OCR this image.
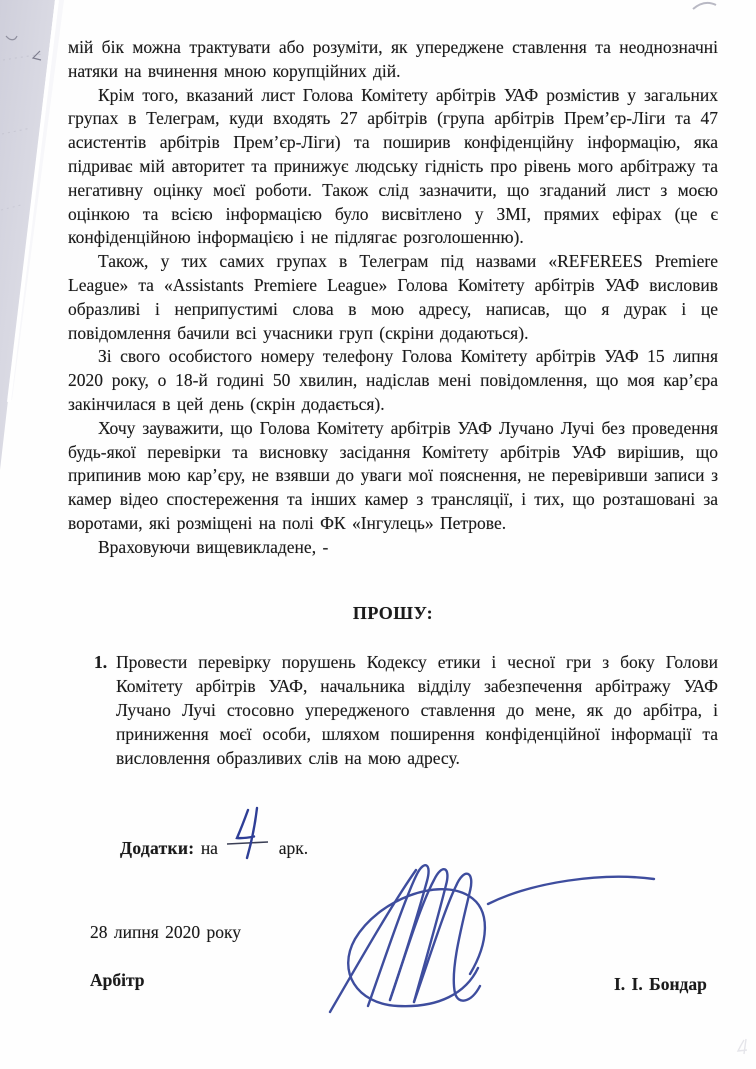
мій бік можна трактувати або розуміти, як упереджене ставлення та неоднозначні натяки на вчинення мною корупційних дій.

Крім того, вказаний лист Голова Комітету арбітрів УАФ розмістив у загальних групах в Телеграм, куди входять 27 арбітрів (група арбітрів Прем’єр-Ліги та 47 асистентів арбітрів Прем’єр-Ліги) та поширив конфіденційну інформацію, яка підриває мій авторитет та принижує людську гідність про рівень мого арбітражу та негативну оцінку моєї роботи. Також слід зазначити, що згаданий лист з моєю оцінкою та всією інформацією було висвітлено у ЗМІ, прямих ефірах (це є конфіденційною інформацією і не підлягає розголошенню).

Також, у тих самих групах в Телеграм під назвами «REFEREES Premiere League» та «Assistants Premiere League» Голова Комітету арбітрів УАФ висловив образливі і неприпустимі слова в мою адресу, написав, що я дурак і це повідомлення бачили всі учасники груп (скріни додаються).

Зі свого особистого номеру телефону Голова Комітету арбітрів УАФ 15 липня 2020 року, о 18-й годині 50 хвилин, надіслав мені повідомлення, що моя кар’єра закінчилася в цей день (скрін додається).

Хочу зауважити, що Голова Комітету арбітрів УАФ Лучано Лучі без проведення будь-якої перевірки та висновку засідання Комітету арбітрів УАФ вирішив, що припинив мою кар’єру, не взявши до уваги мої пояснення, не перевіривши записи з камер відео спостереження та інших камер з трансляції, і тих, що розташовані за воротами, які розміщені на полі ФК «Інгулець» Петрове.

Враховуючи вищевикладене, -

ПРОШУ:
1. Провести перевірку порушень Кодексу етики і чесної гри з боку Голови Комітету арбітрів УАФ, начальника відділу забезпечення арбітражу УАФ Лучано Лучі стосовно упередженого ставлення до мене, як до арбітра, і приниження моєї особи, шляхом поширення конфіденційної інформації та висловлення образливих слів на мою адресу.
Додатки: на	арк.
28 липня 2020 року
Арбітр	І. І. Бондар
